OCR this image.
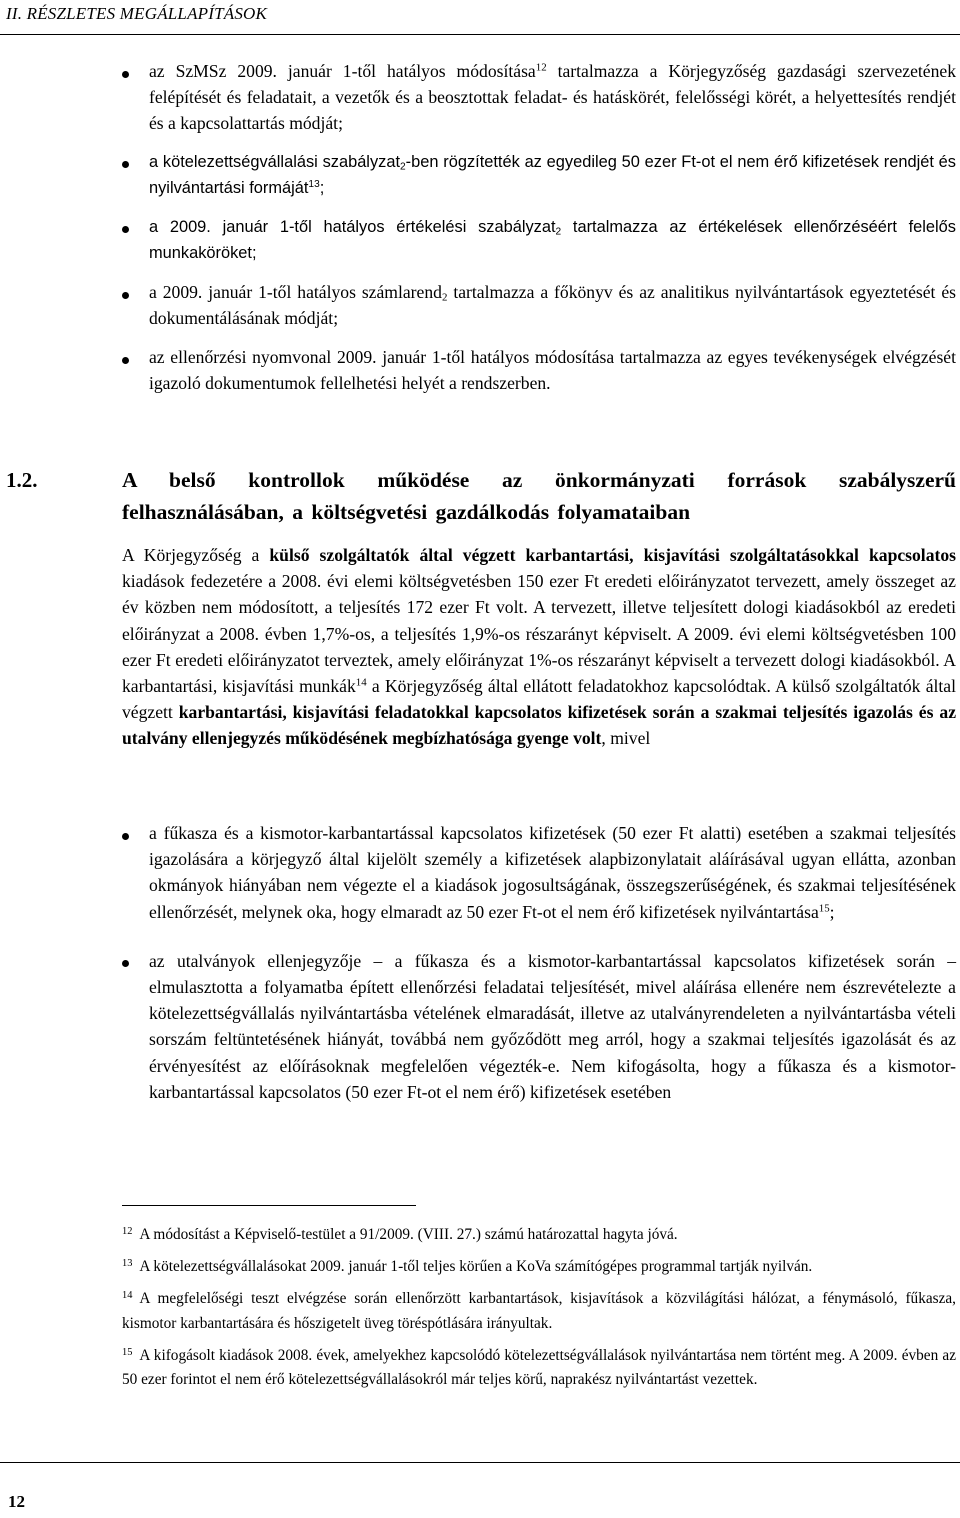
II. RÉSZLETES MEGÁLLAPÍTÁSOK
az SzMSz 2009. január 1-től hatályos módosítása$^{12}$ tartalmazza a Körjegyzőség gazdasági szervezetének felépítését és feladatait, a vezetők és a beosztottak feladat- és hatáskörét, felelősségi körét, a helyettesítés rendjét és a kapcsolattartás módját;
a kötelezettségvállalási szabályzat$_2$-ben rögzítették az egyedileg 50 ezer Ft-ot el nem érő kifizetések rendjét és nyilvántartási formáját$^{13}$;
a 2009. január 1-től hatályos értékelési szabályzat$_2$ tartalmazza az értékelések ellenőrzéséért felelős munkaköröket;
a 2009. január 1-től hatályos számlarend$_2$ tartalmazza a főkönyv és az analitikus nyilvántartások egyeztetését és dokumentálásának módját;
az ellenőrzési nyomvonal 2009. január 1-től hatályos módosítása tartalmazza az egyes tevékenységek elvégzését igazoló dokumentumok fellelhetési helyét a rendszerben.
1.2.	A belső kontrollok működése az önkormányzati források szabályszerű felhasználásában, a költségvetési gazdálkodás folyamataiban
A Körjegyzőség a külső szolgáltatók által végzett karbantartási, kisjavítási szolgáltatásokkal kapcsolatos kiadások fedezetére a 2008. évi elemi költségvetésben 150 ezer Ft eredeti előirányzatot tervezett, amely összeget az év közben nem módosított, a teljesítés 172 ezer Ft volt. A tervezett, illetve teljesített dologi kiadásokból az eredeti előirányzat a 2008. évben 1,7%-os, a teljesítés 1,9%-os részarányt képviselt. A 2009. évi elemi költségvetésben 100 ezer Ft eredeti előirányzatot terveztek, amely előirányzat 1%-os részarányt képviselt a tervezett dologi kiadásokból. A karbantartási, kisjavítási munkák$^{14}$ a Körjegyzőség által ellátott feladatokhoz kapcsolódtak. A külső szolgáltatók által végzett karbantartási, kisjavítási feladatokkal kapcsolatos kifizetések során a szakmai teljesítés igazolás és az utalvány ellenjegyzés működésének megbízhatósága gyenge volt, mivel
a fűkasza és a kismotor-karbantartással kapcsolatos kifizetések (50 ezer Ft alatti) esetében a szakmai teljesítés igazolására a körjegyző által kijelölt személy a kifizetések alapbizonylatait aláírásával ugyan ellátta, azonban okmányok hiányában nem végezte el a kiadások jogosultságának, összegszerűségének, és szakmai teljesítésének ellenőrzését, melynek oka, hogy elmaradt az 50 ezer Ft-ot el nem érő kifizetések nyilvántartása$^{15}$;
az utalványok ellenjegyzője – a fűkasza és a kismotor-karbantartással kapcsolatos kifizetések során – elmulasztotta a folyamatba épített ellenőrzési feladatai teljesítését, mivel aláírása ellenére nem észrevételezte a kötelezettségvállalás nyilvántartásba vételének elmaradását, illetve az utalványrendeleten a nyilvántartásba vételi sorszám feltüntetésének hiányát, továbbá nem győződött meg arról, hogy a szakmai teljesítés igazolását és az érvényesítést az előírásoknak megfelelően végezték-e. Nem kifogásolta, hogy a fűkasza és a kismotor-karbantartással kapcsolatos (50 ezer Ft-ot el nem érő) kifizetések esetében
$^{12}$ A módosítást a Képviselő-testület a 91/2009. (VIII. 27.) számú határozattal hagyta jóvá.
$^{13}$ A kötelezettségvállalásokat 2009. január 1-től teljes körűen a KoVa számítógépes programmal tartják nyilván.
$^{14}$ A megfelelőségi teszt elvégzése során ellenőrzött karbantartások, kisjavítások a közvilágítási hálózat, a fénymásoló, fűkasza, kismotor karbantartására és hőszigetelt üveg töréspótlására irányultak.
$^{15}$ A kifogásolt kiadások 2008. évek, amelyekhez kapcsolódó kötelezettségvállalások nyilvántartása nem történt meg. A 2009. évben az 50 ezer forintot el nem érő kötelezettségvállalásokról már teljes körű, naprakész nyilvántartást vezettek.
12
